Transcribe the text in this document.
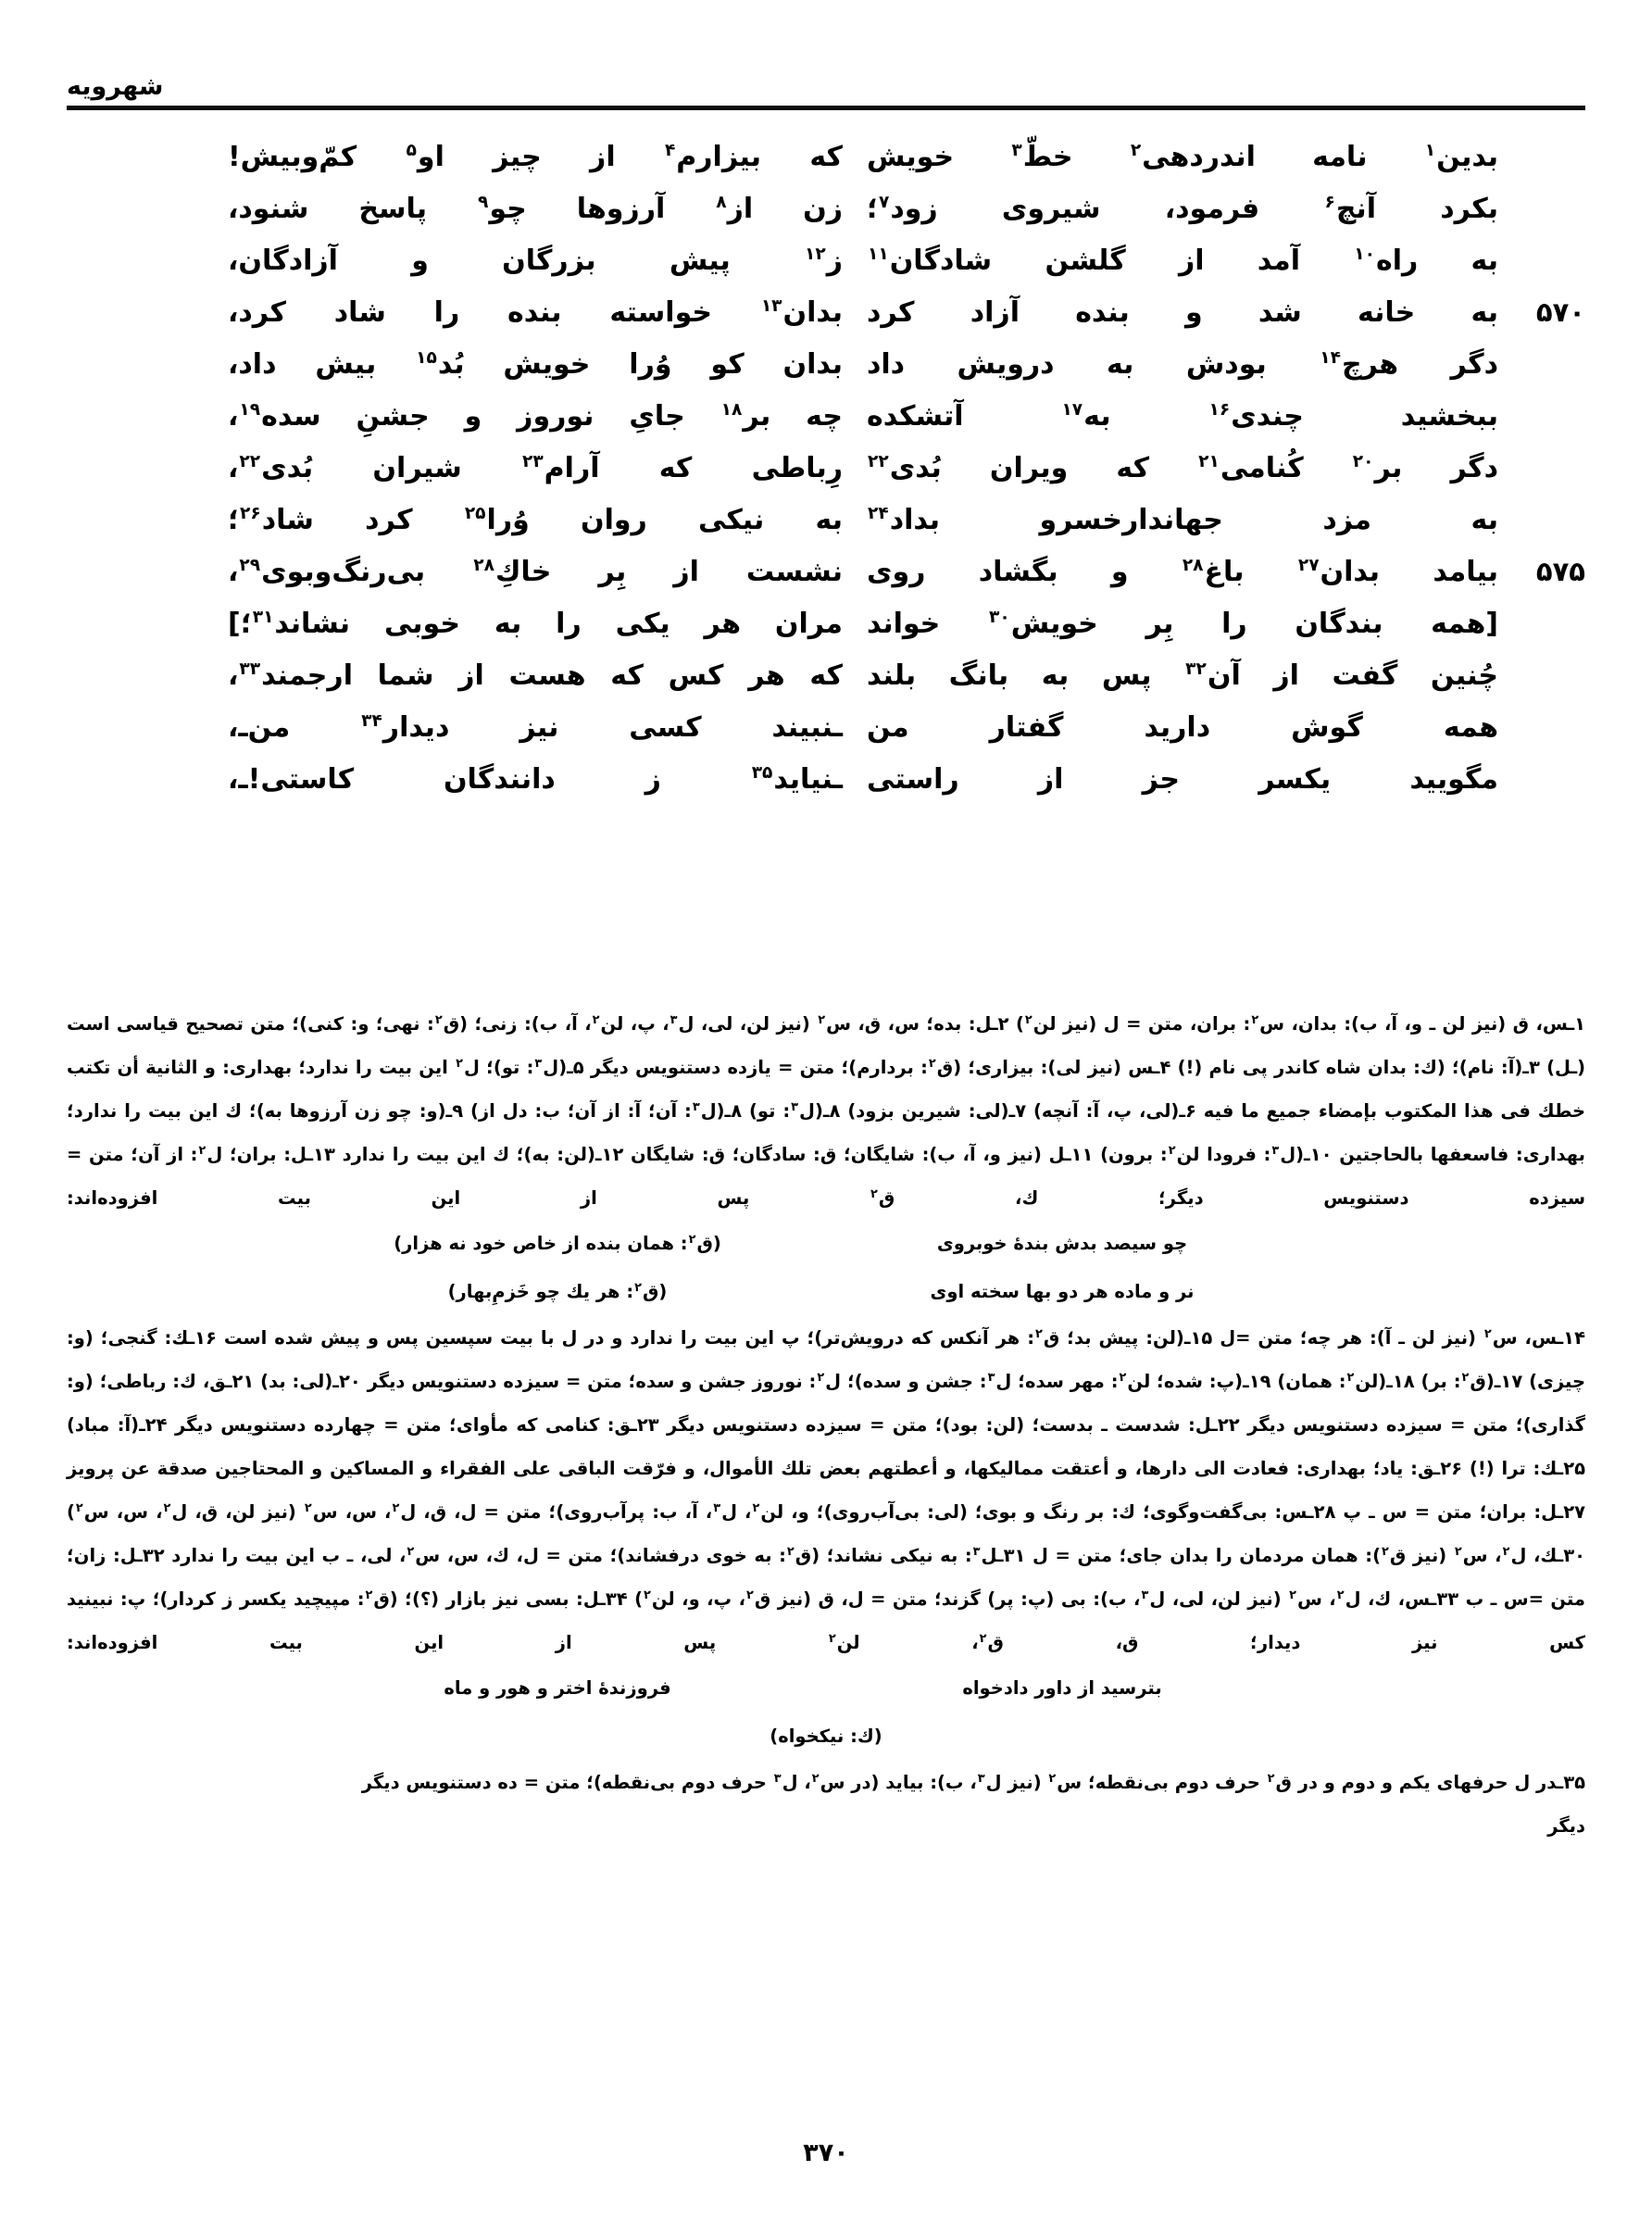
شهرويه
بدين$^۱$ نامه اندردهى$^۲$ خطّ$^۳$ خويش
كه بيزارم$^۴$ از چيز او$^۵$ كمّ‌وبيش!
بكرد آنچ$^۶$ فرمود، شيروى زود$^۷$؛
زن از$^۸$ آرزوها چو$^۹$ پاسخ شنود،
به راه$^{۱۰}$ آمد از گلشن شادگان$^{۱۱}$
ز$^{۱۲}$ پيش بزرگان و آزادگان،
۵۷۰
به خانه شد و بنده آزاد كرد
بدان$^{۱۳}$ خواسته بنده را شاد كرد،
دگر هرچ$^{۱۴}$ بودش به درويش داد
بدان كو وُرا خويش بُد$^{۱۵}$ بيش داد،
ببخشيد چندى$^{۱۶}$ به$^{۱۷}$ آتشكده
چه بر$^{۱۸}$ جاىِ نوروز و جشنِ سده$^{۱۹}$،
دگر بر$^{۲۰}$ كُنامى$^{۲۱}$ كه ويران بُدى$^{۲۲}$
رِباطى كه آرام$^{۲۳}$ شيران بُدى$^{۲۲}$،
به مزد جهاندارخسرو بداد$^{۲۴}$
به نيكى روان وُرا$^{۲۵}$ كرد شاد$^{۲۶}$؛
۵۷۵
بيامد بدان$^{۲۷}$ باغ$^{۲۸}$ و بگشاد روى
نشست از بِر خاكِ$^{۲۸}$ بى‌رنگ‌وبوى$^{۲۹}$،
[همه بندگان را بِر خويش$^{۳۰}$ خواند
مران هر يكى را به خوبى نشاند$^{۳۱}$؛]
چُنين گفت از آن$^{۳۲}$ پس به بانگ بلند
كه هر كس كه هست از شما ارجمند$^{۳۳}$،
همه گوش داريد گفتار من
ـنبيند كسى نيز ديدار$^{۳۴}$ من‌ـ،
مگوييد يكسر جز از راستى
ـنيايد$^{۳۵}$ ز دانندگان كاستى!ـ،

۱ـس، ق (نيز لن ـ و، آ، ب): بدان، س$^۲$: بران، متن = ل (نيز لن$^۲$) ۲ـل: بده؛ س، ق، س$^۲$ (نيز لن، لى، ل$^۳$، پ، لن$^۲$، آ، ب): زنى؛ (ق$^۲$: نهى؛ و: كنى)؛ متن تصحيح قياسى است (ـل) ۳ـ(آ: نام)؛ (ك: بدان شاه كاندر پى نام (!) ۴ـس (نيز لى): بيزارى؛ (ق$^۲$: بردارم)؛ متن = يازده دستنويس ديگر ۵ـ(ل$^۳$: تو)؛ ل$^۲$ اين بيت را ندارد؛ بهدارى: و الثانية أن تكتب خطك فى هذا المكتوب بإمضاء جميع ما فيه ۶ـ(لى، پ، آ: آنچه) ۷ـ(لى: شيرين بزود) ۸ـ(ل$^۳$: تو) ۸ـ(ل$^۳$: آن؛ آ: از آن؛ ب: دل از) ۹ـ(و: چو زن آرزوها به)؛ ك اين بيت را ندارد؛ بهدارى: فاسعفها بالحاجتين ۱۰ـ(ل$^۳$: فرودا لن$^۲$: برون) ۱۱ـل (نيز و، آ، ب): شايگان؛ ق: سادگان؛ ق: شايگان ۱۲ـ(لن: به)؛ ك اين بيت را ندارد ۱۳ـل: بران؛ ل$^۲$: از آن؛ متن = سيزده دستنويس ديگر؛ ك، ق$^۲$ پس از اين بيت افزوده‌اند:

چو سيصد بدش بندهٔ خوبروى(ق$^۲$: همان بنده از خاص خود نه هزار)
نر و ماده هر دو بها سخته اوى(ق$^۲$: هر يك چو خَزمِ‌بهار)

۱۴ـس، س$^۲$ (نيز لن ـ آ): هر چه؛ متن =ل ۱۵ـ(لن: پيش بد؛ ق$^۲$: هر آنكس كه درويش‌تر)؛ پ اين بيت را ندارد و در ل با بيت سپسين پس و پيش شده است ۱۶ـك: گنجى؛ (و: چيزى) ۱۷ـ(ق$^۲$: بر) ۱۸ـ(لن$^۲$: همان) ۱۹ـ(پ: شده؛ لن$^۲$: مهر سده؛ ل$^۳$: جشن و سده)؛ ل$^۲$: نوروز جشن و سده؛ متن = سيزده دستنويس ديگر ۲۰ـ(لى: بد) ۲۱ـق، ك: رباطى؛ (و: گذارى)؛ متن = سيزده دستنويس ديگر ۲۲ـل: شدست ـ بدست؛ (لن: بود)؛ متن = سيزده دستنويس ديگر ۲۳ـق: كنامى كه مأواى؛ متن = چهارده دستنويس ديگر ۲۴ـ(آ: مباد) ۲۵ـك: ترا (!) ۲۶ـق: ياد؛ بهدارى: فعادت الى دارها، و أعتقت مماليكها، و أعطتهم بعض تلك الأموال، و فرّقت الباقى على الفقراء و المساكين و المحتاجين صدقة عن پرويز ۲۷ـل: بران؛ متن = س ـ پ ۲۸ـس: بى‌گفت‌وگوى؛ ك: بر رنگ و بوى؛ (لى: بى‌آب‌روى)؛ و، لن$^۲$، ل$^۳$، آ، ب: پرآب‌روى)؛ متن = ل، ق، ل$^۲$، س، س$^۲$ (نيز لن، ق، ل$^۲$، س، س$^۲$) ۳۰ـك، ل$^۲$، س$^۲$ (نيز ق$^۲$): همان مردمان را بدان جاى؛ متن = ل ۳۱ـل$^۳$: به نيكى نشاند؛ (ق$^۲$: به خوى درفشاند)؛ متن = ل، ك، س، س$^۲$، لى، ـ ب اين بيت را ندارد ۳۲ـل: زان؛ متن =س ـ ب ۳۳ـس، ك، ل$^۲$، س$^۲$ (نيز لن، لى، ل$^۳$، ب): بى (پ: پر) گزند؛ متن = ل، ق (نيز ق$^۲$، پ، و، لن$^۲$) ۳۴ـل: بسى نيز بازار (؟)؛ (ق$^۲$: مپيچيد يكسر ز كردار)؛ پ: نبينيد كس نيز ديدار؛ ق، ق$^۲$، لن$^۲$ پس از اين بيت افزوده‌اند:

بترسيد از داور دادخواهفروزندهٔ اختر و هور و ماه
(ك: نيكخواه)

۳۵ـدر ل حرفهاى يكم و دوم و در ق$^۲$ حرف دوم بى‌نقطه؛ س$^۲$ (نيز ل$^۳$، ب): بيايد (در س$^۲$، ل$^۳$ حرف دوم بى‌نقطه)؛ متن = ده دستنويس ديگر

ديگر

۳۷۰
